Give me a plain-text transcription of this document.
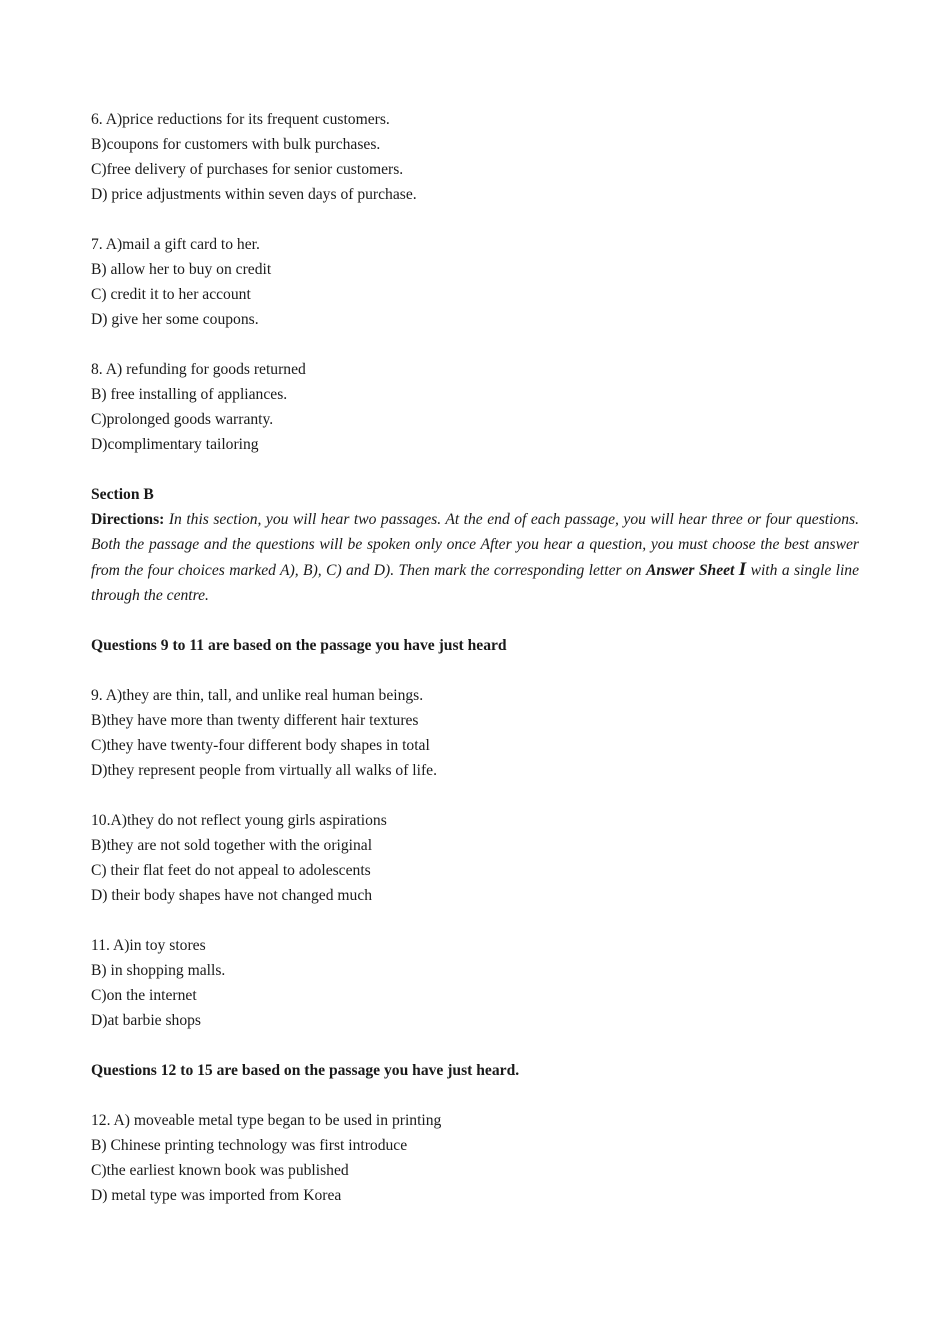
6. A)price reductions for its frequent customers.
B)coupons for customers with bulk purchases.
C)free delivery of purchases for senior customers.
D) price adjustments within seven days of purchase.
7. A)mail a gift card to her.
B) allow her to buy on credit
C) credit it to her account
D) give her some coupons.
8. A) refunding for goods returned
B) free installing of appliances.
C)prolonged goods warranty.
D)complimentary tailoring
Section B
Directions: In this section, you will hear two passages. At the end of each passage, you will hear three or four questions. Both the passage and the questions will be spoken only once After you hear a question, you must choose the best answer from the four choices marked A), B), C) and D). Then mark the corresponding letter on Answer Sheet I with a single line through the centre.
Questions 9 to 11 are based on the passage you have just heard
9. A)they are thin, tall, and unlike real human beings.
B)they have more than twenty different hair textures
C)they have twenty-four different body shapes in total
D)they represent people from virtually all walks of life.
10.A)they do not reflect young girls aspirations
B)they are not sold together with the original
C) their flat feet do not appeal to adolescents
D) their body shapes have not changed much
11. A)in toy stores
B) in shopping malls.
C)on the internet
D)at barbie shops
Questions 12 to 15 are based on the passage you have just heard.
12. A) moveable metal type began to be used in printing
B) Chinese printing technology was first introduce
C)the earliest known book was published
D) metal type was imported from Korea
